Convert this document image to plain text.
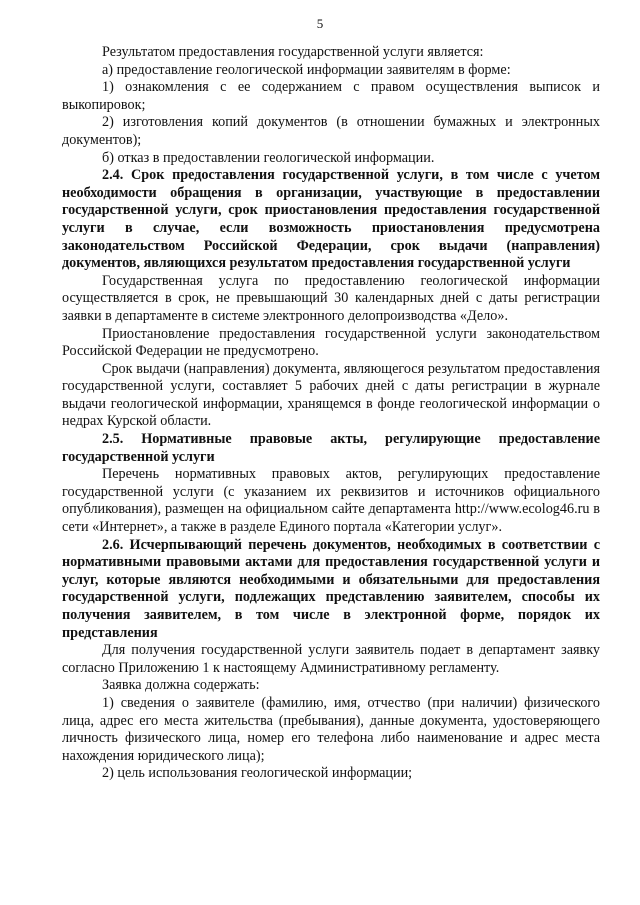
5

Результатом предоставления государственной услуги является:

а) предоставление геологической информации заявителям в форме:

1) ознакомления с ее содержанием с правом осуществления выписок и выкопировок;

2) изготовления копий документов (в отношении бумажных и электронных документов);

б) отказ в предоставлении геологической информации.

2.4. Срок предоставления государственной услуги, в том числе с учетом необходимости обращения в организации, участвующие в предоставлении государственной услуги, срок приостановления предоставления государственной услуги в случае, если возможность приостановления предусмотрена законодательством Российской Федерации, срок выдачи (направления) документов, являющихся результатом предоставления государственной услуги

Государственная услуга по предоставлению геологической информации осуществляется в срок, не превышающий 30 календарных дней с даты регистрации заявки в департаменте в системе электронного делопроизводства «Дело».

Приостановление предоставления государственной услуги законодательством Российской Федерации не предусмотрено.

Срок выдачи (направления) документа, являющегося результатом предоставления государственной услуги, составляет 5 рабочих дней с даты регистрации в журнале выдачи геологической информации, хранящемся в фонде геологической информации о недрах Курской области.

2.5. Нормативные правовые акты, регулирующие предоставление государственной услуги

Перечень нормативных правовых актов, регулирующих предоставление государственной услуги (с указанием их реквизитов и источников официального опубликования), размещен на официальном сайте департамента http://www.ecolog46.ru в сети «Интернет», а также в разделе Единого портала «Категории услуг».

2.6. Исчерпывающий перечень документов, необходимых в соответствии с нормативными правовыми актами для предоставления государственной услуги и услуг, которые являются необходимыми и обязательными для предоставления государственной услуги, подлежащих представлению заявителем, способы их получения заявителем, в том числе в электронной форме, порядок их представления

Для получения государственной услуги заявитель подает в департамент заявку согласно Приложению 1 к настоящему Административному регламенту.

Заявка должна содержать:

1) сведения о заявителе (фамилию, имя, отчество (при наличии) физического лица, адрес его места жительства (пребывания), данные документа, удостоверяющего личность физического лица, номер его телефона либо наименование и адрес места нахождения юридического лица);

2) цель использования геологической информации;
